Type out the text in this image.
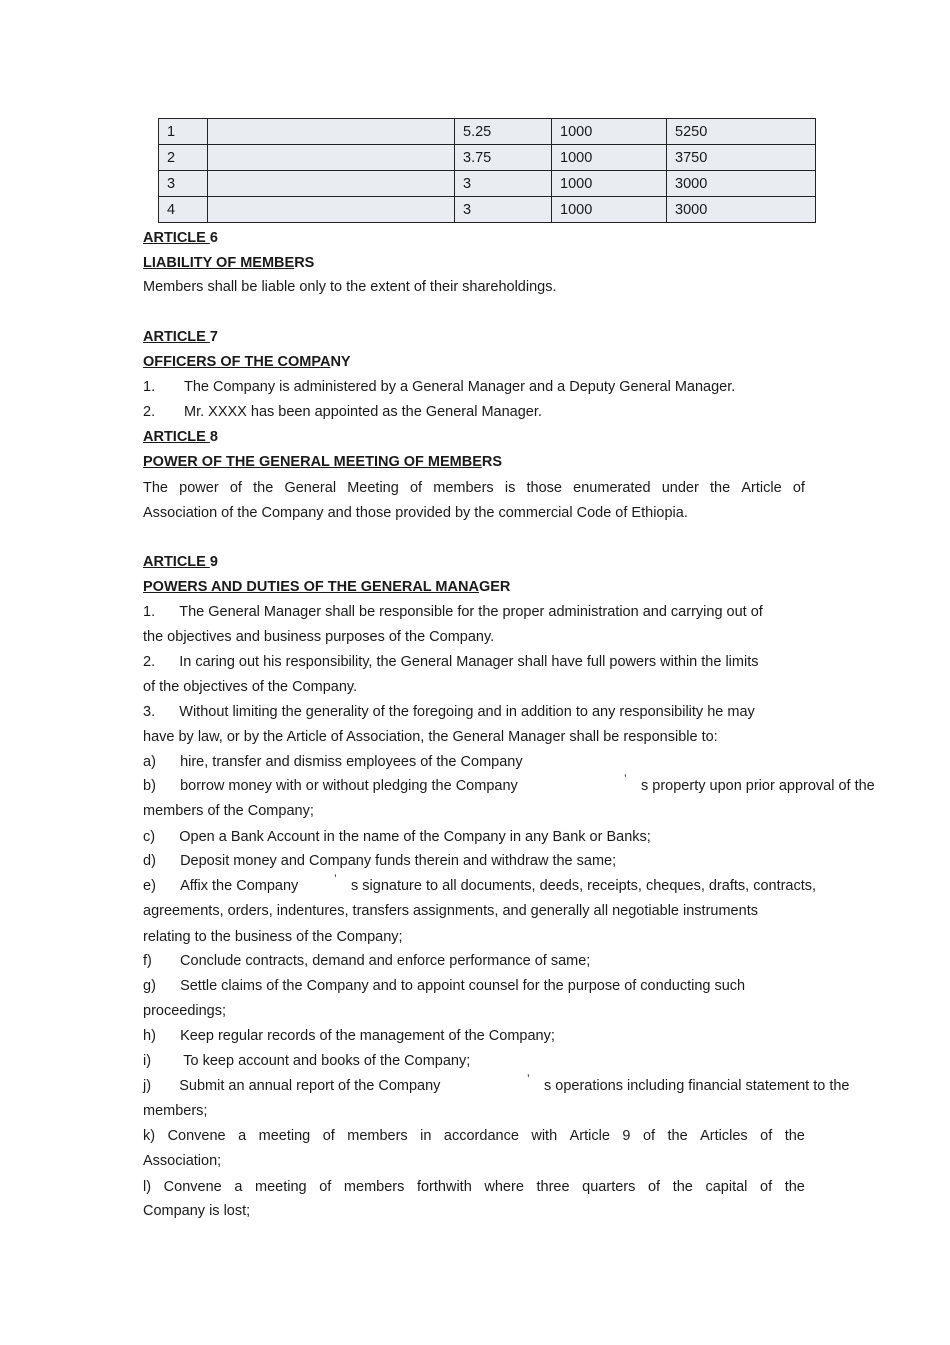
1		5.25	1000	5250
2		3.75	1000	3750
3		3	1000	3000
4		3	1000	3000
ARTICLE 6
LIABILITY OF MEMBERS
Members shall be liable only to the extent of their shareholdings.
ARTICLE 7
OFFICERS OF THE COMPANY
1. The Company is administered by a General Manager and a Deputy General Manager.
2. Mr. XXXX has been appointed as the General Manager.
ARTICLE 8
POWER OF THE GENERAL MEETING OF MEMBERS
The power of the General Meeting of members is those enumerated under the Article of
Association of the Company and those provided by the commercial Code of Ethiopia.
ARTICLE 9
POWERS AND DUTIES OF THE GENERAL MANAGER
1.      The General Manager shall be responsible for the proper administration and carrying out of
the objectives and business purposes of the Company.
2.      In caring out his responsibility, the General Manager shall have full powers within the limits
of the objectives of the Company.
3.      Without limiting the generality of the foregoing and in addition to any responsibility he may
have by law, or by the Article of Association, the General Manager shall be responsible to:
a)      hire, transfer and dismiss employees of the Company
b)      borrow money with or without pledging the Company	’ s property upon prior approval of the
members of the Company;
c)      Open a Bank Account in the name of the Company in any Bank or Banks;
d)      Deposit money and Company funds therein and withdraw the same;
e)      Affix the Company	’ s signature to all documents, deeds, receipts, cheques, drafts, contracts,
agreements, orders, indentures, transfers assignments, and generally all negotiable instruments
relating to the business of the Company;
f)       Conclude contracts, demand and enforce performance of same;
g)      Settle claims of the Company and to appoint counsel for the purpose of conducting such
proceedings;
h)      Keep regular records of the management of the Company;
i)        To keep account and books of the Company;
j)       Submit an annual report of the Company	’ s operations including financial statement to the
members;
k) Convene a meeting of members in accordance with Article 9 of the Articles of the
Association;
l) Convene a meeting of members forthwith where three quarters of the capital of the
Company is lost;
